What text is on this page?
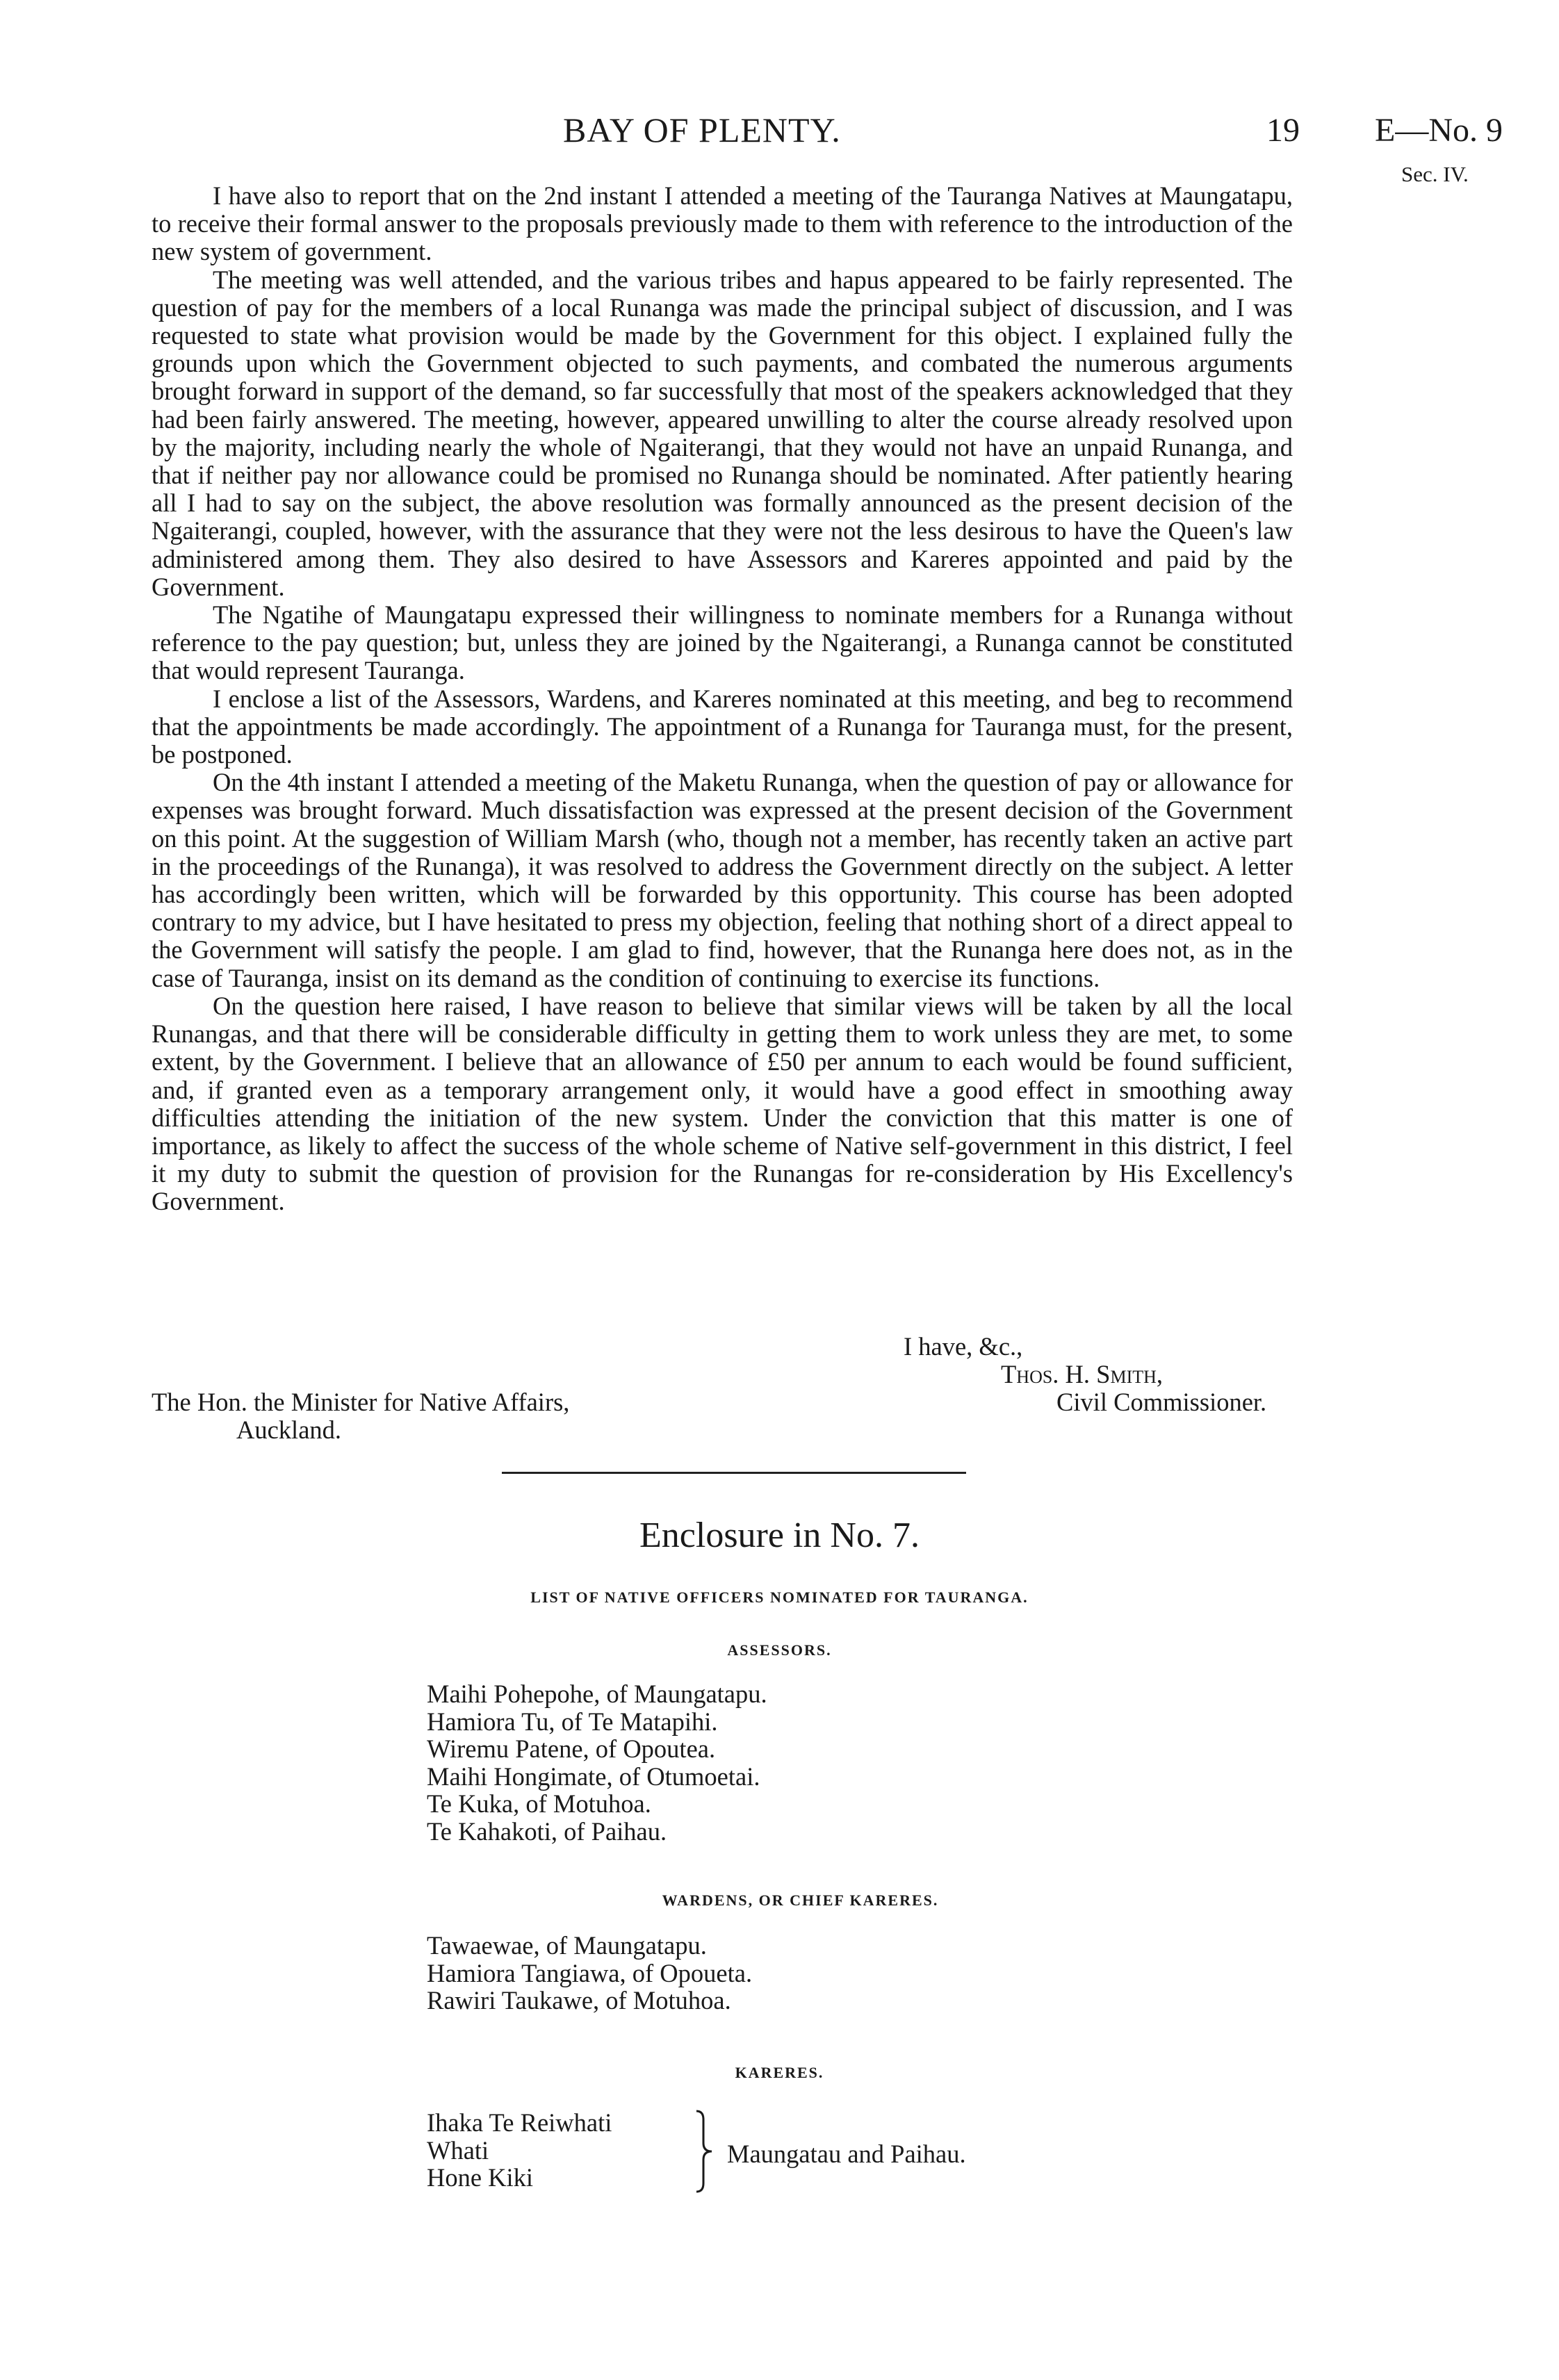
BAY OF PLENTY.	19 E—No. 9
Sec. IV.

I have also to report that on the 2nd instant I attended a meeting of the Tauranga Natives at Maungatapu, to receive their formal answer to the proposals previously made to them with reference to the introduction of the new system of government.

The meeting was well attended, and the various tribes and hapus appeared to be fairly represented. The question of pay for the members of a local Runanga was made the principal subject of discussion, and I was requested to state what provision would be made by the Government for this object. I explained fully the grounds upon which the Government objected to such payments, and combated the numerous arguments brought forward in support of the demand, so far successfully that most of the speakers acknowledged that they had been fairly answered. The meeting, however, appeared unwilling to alter the course already resolved upon by the majority, including nearly the whole of Ngaiterangi, that they would not have an unpaid Runanga, and that if neither pay nor allowance could be promised no Runanga should be nominated. After patiently hearing all I had to say on the subject, the above resolution was formally announced as the present decision of the Ngaiterangi, coupled, however, with the assurance that they were not the less desirous to have the Queen's law administered among them. They also desired to have Assessors and Kareres appointed and paid by the Government.

The Ngatihe of Maungatapu expressed their willingness to nominate members for a Runanga without reference to the pay question; but, unless they are joined by the Ngaiterangi, a Runanga cannot be constituted that would represent Tauranga.

I enclose a list of the Assessors, Wardens, and Kareres nominated at this meeting, and beg to recommend that the appointments be made accordingly. The appointment of a Runanga for Tauranga must, for the present, be postponed.

On the 4th instant I attended a meeting of the Maketu Runanga, when the question of pay or allowance for expenses was brought forward. Much dissatisfaction was expressed at the present decision of the Government on this point. At the suggestion of William Marsh (who, though not a member, has recently taken an active part in the proceedings of the Runanga), it was resolved to address the Government directly on the subject. A letter has accordingly been written, which will be forwarded by this opportunity. This course has been adopted contrary to my advice, but I have hesitated to press my objection, feeling that nothing short of a direct appeal to the Government will satisfy the people. I am glad to find, however, that the Runanga here does not, as in the case of Tauranga, insist on its demand as the condition of continuing to exercise its functions.

On the question here raised, I have reason to believe that similar views will be taken by all the local Runangas, and that there will be considerable difficulty in getting them to work unless they are met, to some extent, by the Government. I believe that an allowance of £50 per annum to each would be found sufficient, and, if granted even as a temporary arrangement only, it would have a good effect in smoothing away difficulties attending the initiation of the new system. Under the conviction that this matter is one of importance, as likely to affect the success of the whole scheme of Native self-government in this district, I feel it my duty to submit the question of provision for the Runangas for re-consideration by His Excellency's Government.

I have, &c.,
Thos. H. Smith,
Civil Commissioner.
The Hon. the Minister for Native Affairs,
Auckland.
Enclosure in No. 7.
LIST OF NATIVE OFFICERS NOMINATED FOR TAURANGA.
ASSESSORS.
Maihi Pohepohe, of Maungatapu.
Hamiora Tu, of Te Matapihi.
Wiremu Patene, of Opoutea.
Maihi Hongimate, of Otumoetai.
Te Kuka, of Motuhoa.
Te Kahakoti, of Paihau.
WARDENS, OR CHIEF KARERES.
Tawaewae, of Maungatapu.
Hamiora Tangiawa, of Opoueta.
Rawiri Taukawe, of Motuhoa.
KARERES.
Ihaka Te Reiwhati
Whati
Hone Kiki
Maungatau and Paihau.
